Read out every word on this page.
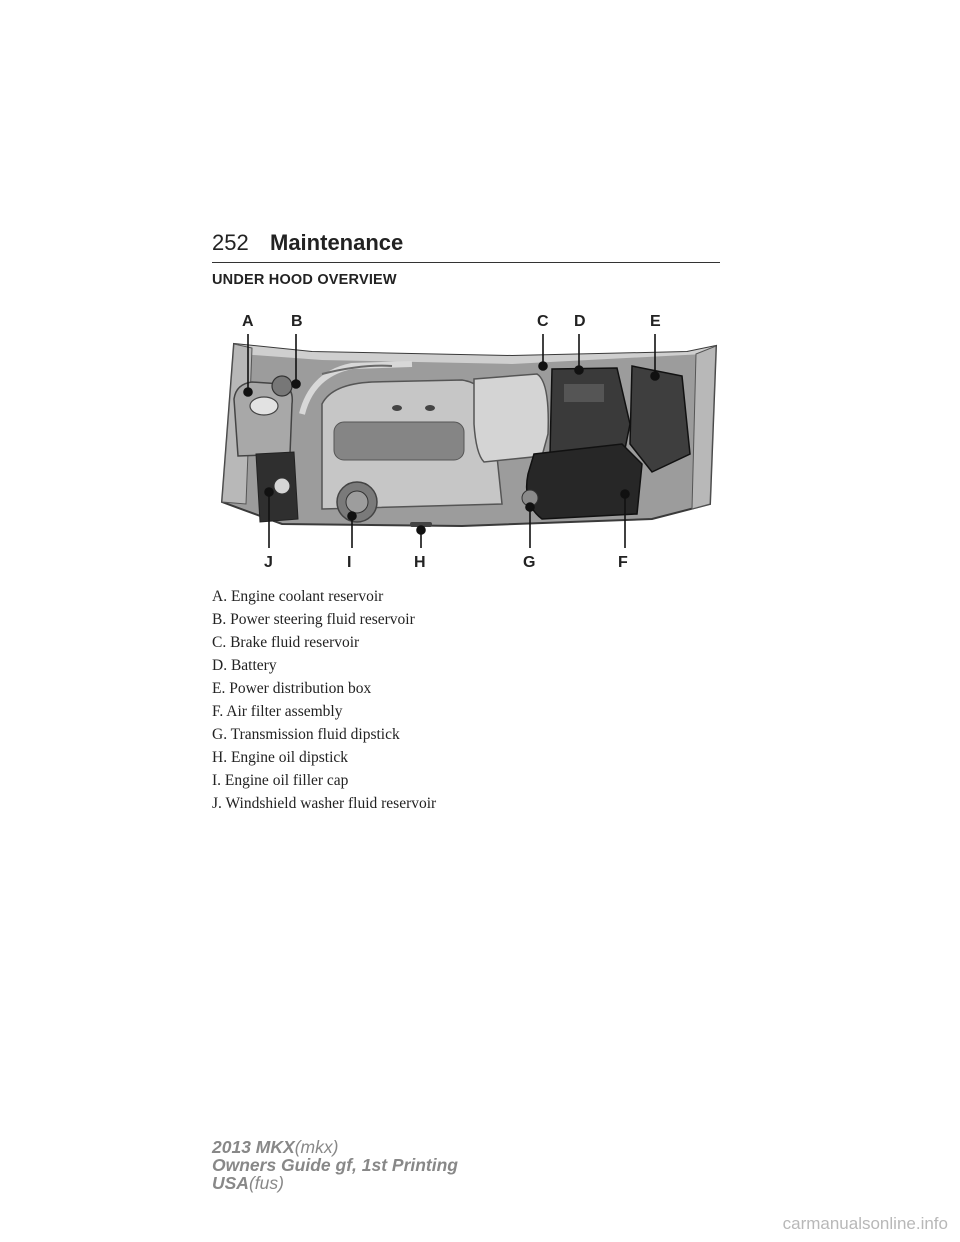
252 Maintenance
UNDER HOOD OVERVIEW
A B	C D	E
J	I	H	G	F
A. Engine coolant reservoir
B. Power steering fluid reservoir
C. Brake fluid reservoir
D. Battery
E. Power distribution box
F. Air filter assembly
G. Transmission fluid dipstick
H. Engine oil dipstick
I. Engine oil filler cap
J. Windshield washer fluid reservoir
2013 MKX(mkx)
Owners Guide gf, 1st Printing
USA(fus)
carmanualsonline.info
